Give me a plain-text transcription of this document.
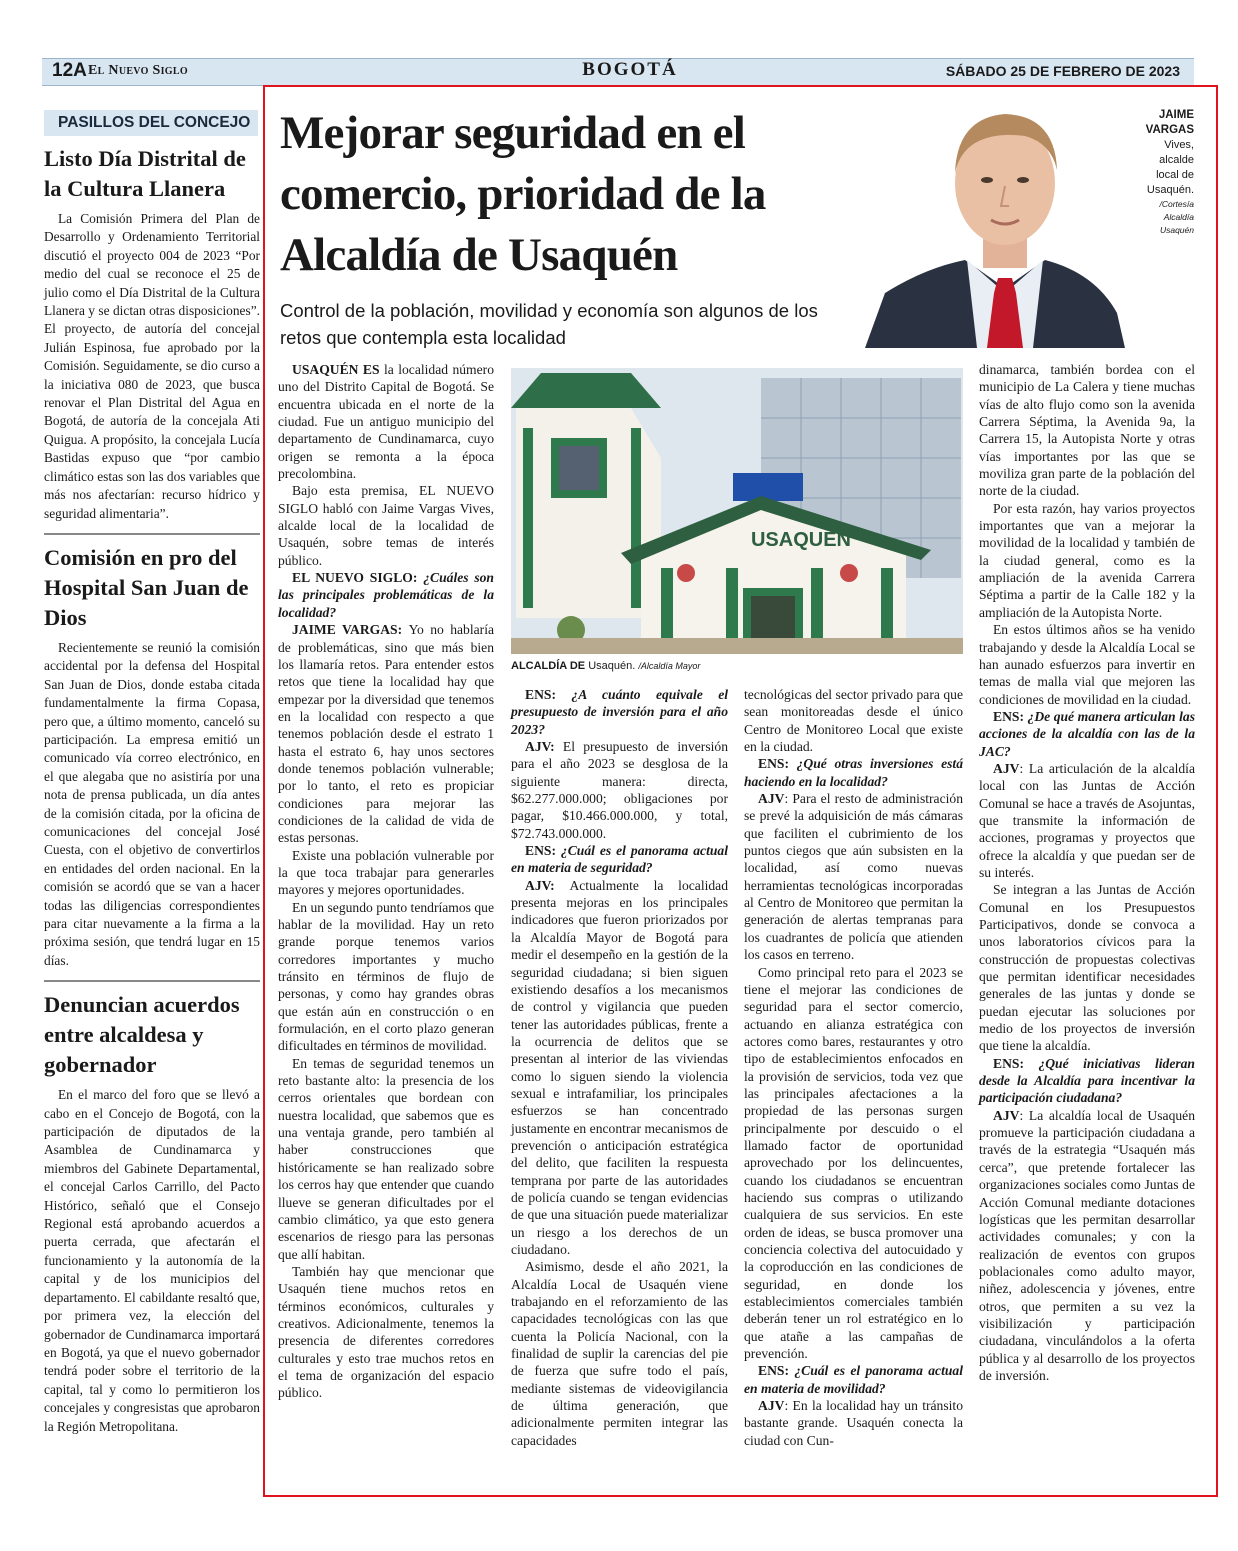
12A El Nuevo Siglo	BOGOTÁ	SÁBADO 25 DE FEBRERO DE 2023
PASILLOS DEL CONCEJO
Listo Día Distrital de la Cultura Llanera

La Comisión Primera del Plan de Desarrollo y Ordenamiento Territorial discutió el proyecto 004 de 2023 “Por medio del cual se reconoce el 25 de julio como el Día Distrital de la Cultura Llanera y se dictan otras disposiciones”. El proyecto, de autoría del concejal Julián Espinosa, fue aprobado por la Comisión. Seguidamente, se dio curso a la iniciativa 080 de 2023, que busca renovar el Plan Distrital del Agua en Bogotá, de autoría de la concejala Ati Quigua. A propósito, la concejala Lucía Bastidas expuso que “por cambio climático estas son las dos variables que más nos afectarían: recurso hídrico y seguridad alimentaria”.

Comisión en pro del Hospital San Juan de Dios

Recientemente se reunió la comisión accidental por la defensa del Hospital San Juan de Dios, donde estaba citada fundamentalmente la firma Copasa, pero que, a último momento, canceló su participación. La empresa emitió un comunicado vía correo electrónico, en el que alegaba que no asistiría por una nota de prensa publicada, un día antes de la comisión citada, por la oficina de comunicaciones del concejal José Cuesta, con el objetivo de convertirlos en entidades del orden nacional. En la comisión se acordó que se van a hacer todas las diligencias correspondientes para citar nuevamente a la firma a la próxima sesión, que tendrá lugar en 15 días.

Denuncian acuerdos entre alcaldesa y gobernador

En el marco del foro que se llevó a cabo en el Concejo de Bogotá, con la participación de diputados de la Asamblea de Cundinamarca y miembros del Gabinete Departamental, el concejal Carlos Carrillo, del Pacto Histórico, señaló que el Consejo Regional está aprobando acuerdos a puerta cerrada, que afectarán el funcionamiento y la autonomía de la capital y de los municipios del departamento. El cabildante resaltó que, por primera vez, la elección del gobernador de Cundinamarca importará en Bogotá, ya que el nuevo gobernador tendrá poder sobre el territorio de la capital, tal y como lo permitieron los concejales y congresistas que aprobaron la Región Metropolitana.

Mejorar seguridad en el comercio, prioridad de la Alcaldía de Usaquén
Control de la población, movilidad y economía son algunos de los retos que contempla esta localidad
JAIME
VARGAS
Vives,
alcalde
local de
Usaquén.
/Cortesía
Alcaldía
Usaquén
USAQUEN
ALCALDÍA DE Usaquén. /Alcaldía Mayor

USAQUÉN ES la localidad número uno del Distrito Capital de Bogotá. Se encuentra ubicada en el norte de la ciudad. Fue un antiguo municipio del departamento de Cundinamarca, cuyo origen se remonta a la época precolombina.

Bajo esta premisa, EL NUEVO SIGLO habló con Jaime Vargas Vives, alcalde local de la localidad de Usaquén, sobre temas de interés público.

EL NUEVO SIGLO: ¿Cuáles son las principales problemáticas de la localidad?

JAIME VARGAS: Yo no hablaría de problemáticas, sino que más bien los llamaría retos. Para entender estos retos que tiene la localidad hay que empezar por la diversidad que tenemos en la localidad con respecto a que tenemos población desde el estrato 1 hasta el estrato 6, hay unos sectores donde tenemos población vulnerable; por lo tanto, el reto es propiciar condiciones para mejorar las condiciones de la calidad de vida de estas personas.

Existe una población vulnerable por la que toca trabajar para generarles mayores y mejores oportunidades.

En un segundo punto tendríamos que hablar de la movilidad. Hay un reto grande porque tenemos varios corredores importantes y mucho tránsito en términos de flujo de personas, y como hay grandes obras que están aún en construcción o en formulación, en el corto plazo generan dificultades en términos de movilidad.

En temas de seguridad tenemos un reto bastante alto: la presencia de los cerros orientales que bordean con nuestra localidad, que sabemos que es una ventaja grande, pero también al haber construcciones que históricamente se han realizado sobre los cerros hay que entender que cuando llueve se generan dificultades por el cambio climático, ya que esto genera escenarios de riesgo para las personas que allí habitan.

También hay que mencionar que Usaquén tiene muchos retos en términos económicos, culturales y creativos. Adicionalmente, tenemos la presencia de diferentes corredores culturales y esto trae muchos retos en el tema de organización del espacio público.

ENS: ¿A cuánto equivale el presupuesto de inversión para el año 2023?

AJV: El presupuesto de inversión para el año 2023 se desglosa de la siguiente manera: directa, $62.277.000.000; obligaciones por pagar, $10.466.000.000, y total, $72.743.000.000.

ENS: ¿Cuál es el panorama actual en materia de seguridad?

AJV: Actualmente la localidad presenta mejoras en los principales indicadores que fueron priorizados por la Alcaldía Mayor de Bogotá para medir el desempeño en la gestión de la seguridad ciudadana; si bien siguen existiendo desafíos a los mecanismos de control y vigilancia que pueden tener las autoridades públicas, frente a la ocurrencia de delitos que se presentan al interior de las viviendas como lo siguen siendo la violencia sexual e intrafamiliar, los principales esfuerzos se han concentrado justamente en encontrar mecanismos de prevención o anticipación estratégica del delito, que faciliten la respuesta temprana por parte de las autoridades de policía cuando se tengan evidencias de que una situación puede materializar un riesgo a los derechos de un ciudadano.

Asimismo, desde el año 2021, la Alcaldía Local de Usaquén viene trabajando en el reforzamiento de las capacidades tecnológicas con las que cuenta la Policía Nacional, con la finalidad de suplir la carencias del pie de fuerza que sufre todo el país, mediante sistemas de videovigilancia de última generación, que adicionalmente permiten integrar las capacidades

tecnológicas del sector privado para que sean monitoreadas desde el único Centro de Monitoreo Local que existe en la ciudad.

ENS: ¿Qué otras inversiones está haciendo en la localidad?

AJV: Para el resto de administración se prevé la adquisición de más cámaras que faciliten el cubrimiento de los puntos ciegos que aún subsisten en la localidad, así como nuevas herramientas tecnológicas incorporadas al Centro de Monitoreo que permitan la generación de alertas tempranas para los cuadrantes de policía que atienden los casos en terreno.

Como principal reto para el 2023 se tiene el mejorar las condiciones de seguridad para el sector comercio, actuando en alianza estratégica con actores como bares, restaurantes y otro tipo de establecimientos enfocados en la provisión de servicios, toda vez que las principales afectaciones a la propiedad de las personas surgen principalmente por descuido o el llamado factor de oportunidad aprovechado por los delincuentes, cuando los ciudadanos se encuentran haciendo sus compras o utilizando cualquiera de sus servicios. En este orden de ideas, se busca promover una conciencia colectiva del autocuidado y la coproducción en las condiciones de seguridad, en donde los establecimientos comerciales también deberán tener un rol estratégico en lo que atañe a las campañas de prevención.

ENS: ¿Cuál es el panorama actual en materia de movilidad?

AJV: En la localidad hay un tránsito bastante grande. Usaquén conecta la ciudad con Cun-

dinamarca, también bordea con el municipio de La Calera y tiene muchas vías de alto flujo como son la avenida Carrera Séptima, la Avenida 9a, la Carrera 15, la Autopista Norte y otras vías importantes por las que se moviliza gran parte de la población del norte de la ciudad.

Por esta razón, hay varios proyectos importantes que van a mejorar la movilidad de la localidad y también de la ciudad general, como es la ampliación de la avenida Carrera Séptima a partir de la Calle 182 y la ampliación de la Autopista Norte.

En estos últimos años se ha venido trabajando y desde la Alcaldía Local se han aunado esfuerzos para invertir en temas de malla vial que mejoren las condiciones de movilidad en la ciudad.

ENS: ¿De qué manera articulan las acciones de la alcaldía con las de la JAC?

AJV: La articulación de la alcaldía local con las Juntas de Acción Comunal se hace a través de Asojuntas, que transmite la información de acciones, programas y proyectos que ofrece la alcaldía y que puedan ser de su interés.

Se integran a las Juntas de Acción Comunal en los Presupuestos Participativos, donde se convoca a unos laboratorios cívicos para la construcción de propuestas colectivas que permitan identificar necesidades generales de las juntas y donde se puedan ejecutar las soluciones por medio de los proyectos de inversión que tiene la alcaldía.

ENS: ¿Qué iniciativas lideran desde la Alcaldía para incentivar la participación ciudadana?

AJV: La alcaldía local de Usaquén promueve la participación ciudadana a través de la estrategia “Usaquén más cerca”, que pretende fortalecer las organizaciones sociales como Juntas de Acción Comunal mediante dotaciones logísticas que les permitan desarrollar actividades comunales; y con la realización de eventos con grupos poblacionales como adulto mayor, niñez, adolescencia y jóvenes, entre otros, que permiten a su vez la visibilización y participación ciudadana, vinculándolos a la oferta pública y al desarrollo de los proyectos de inversión.
